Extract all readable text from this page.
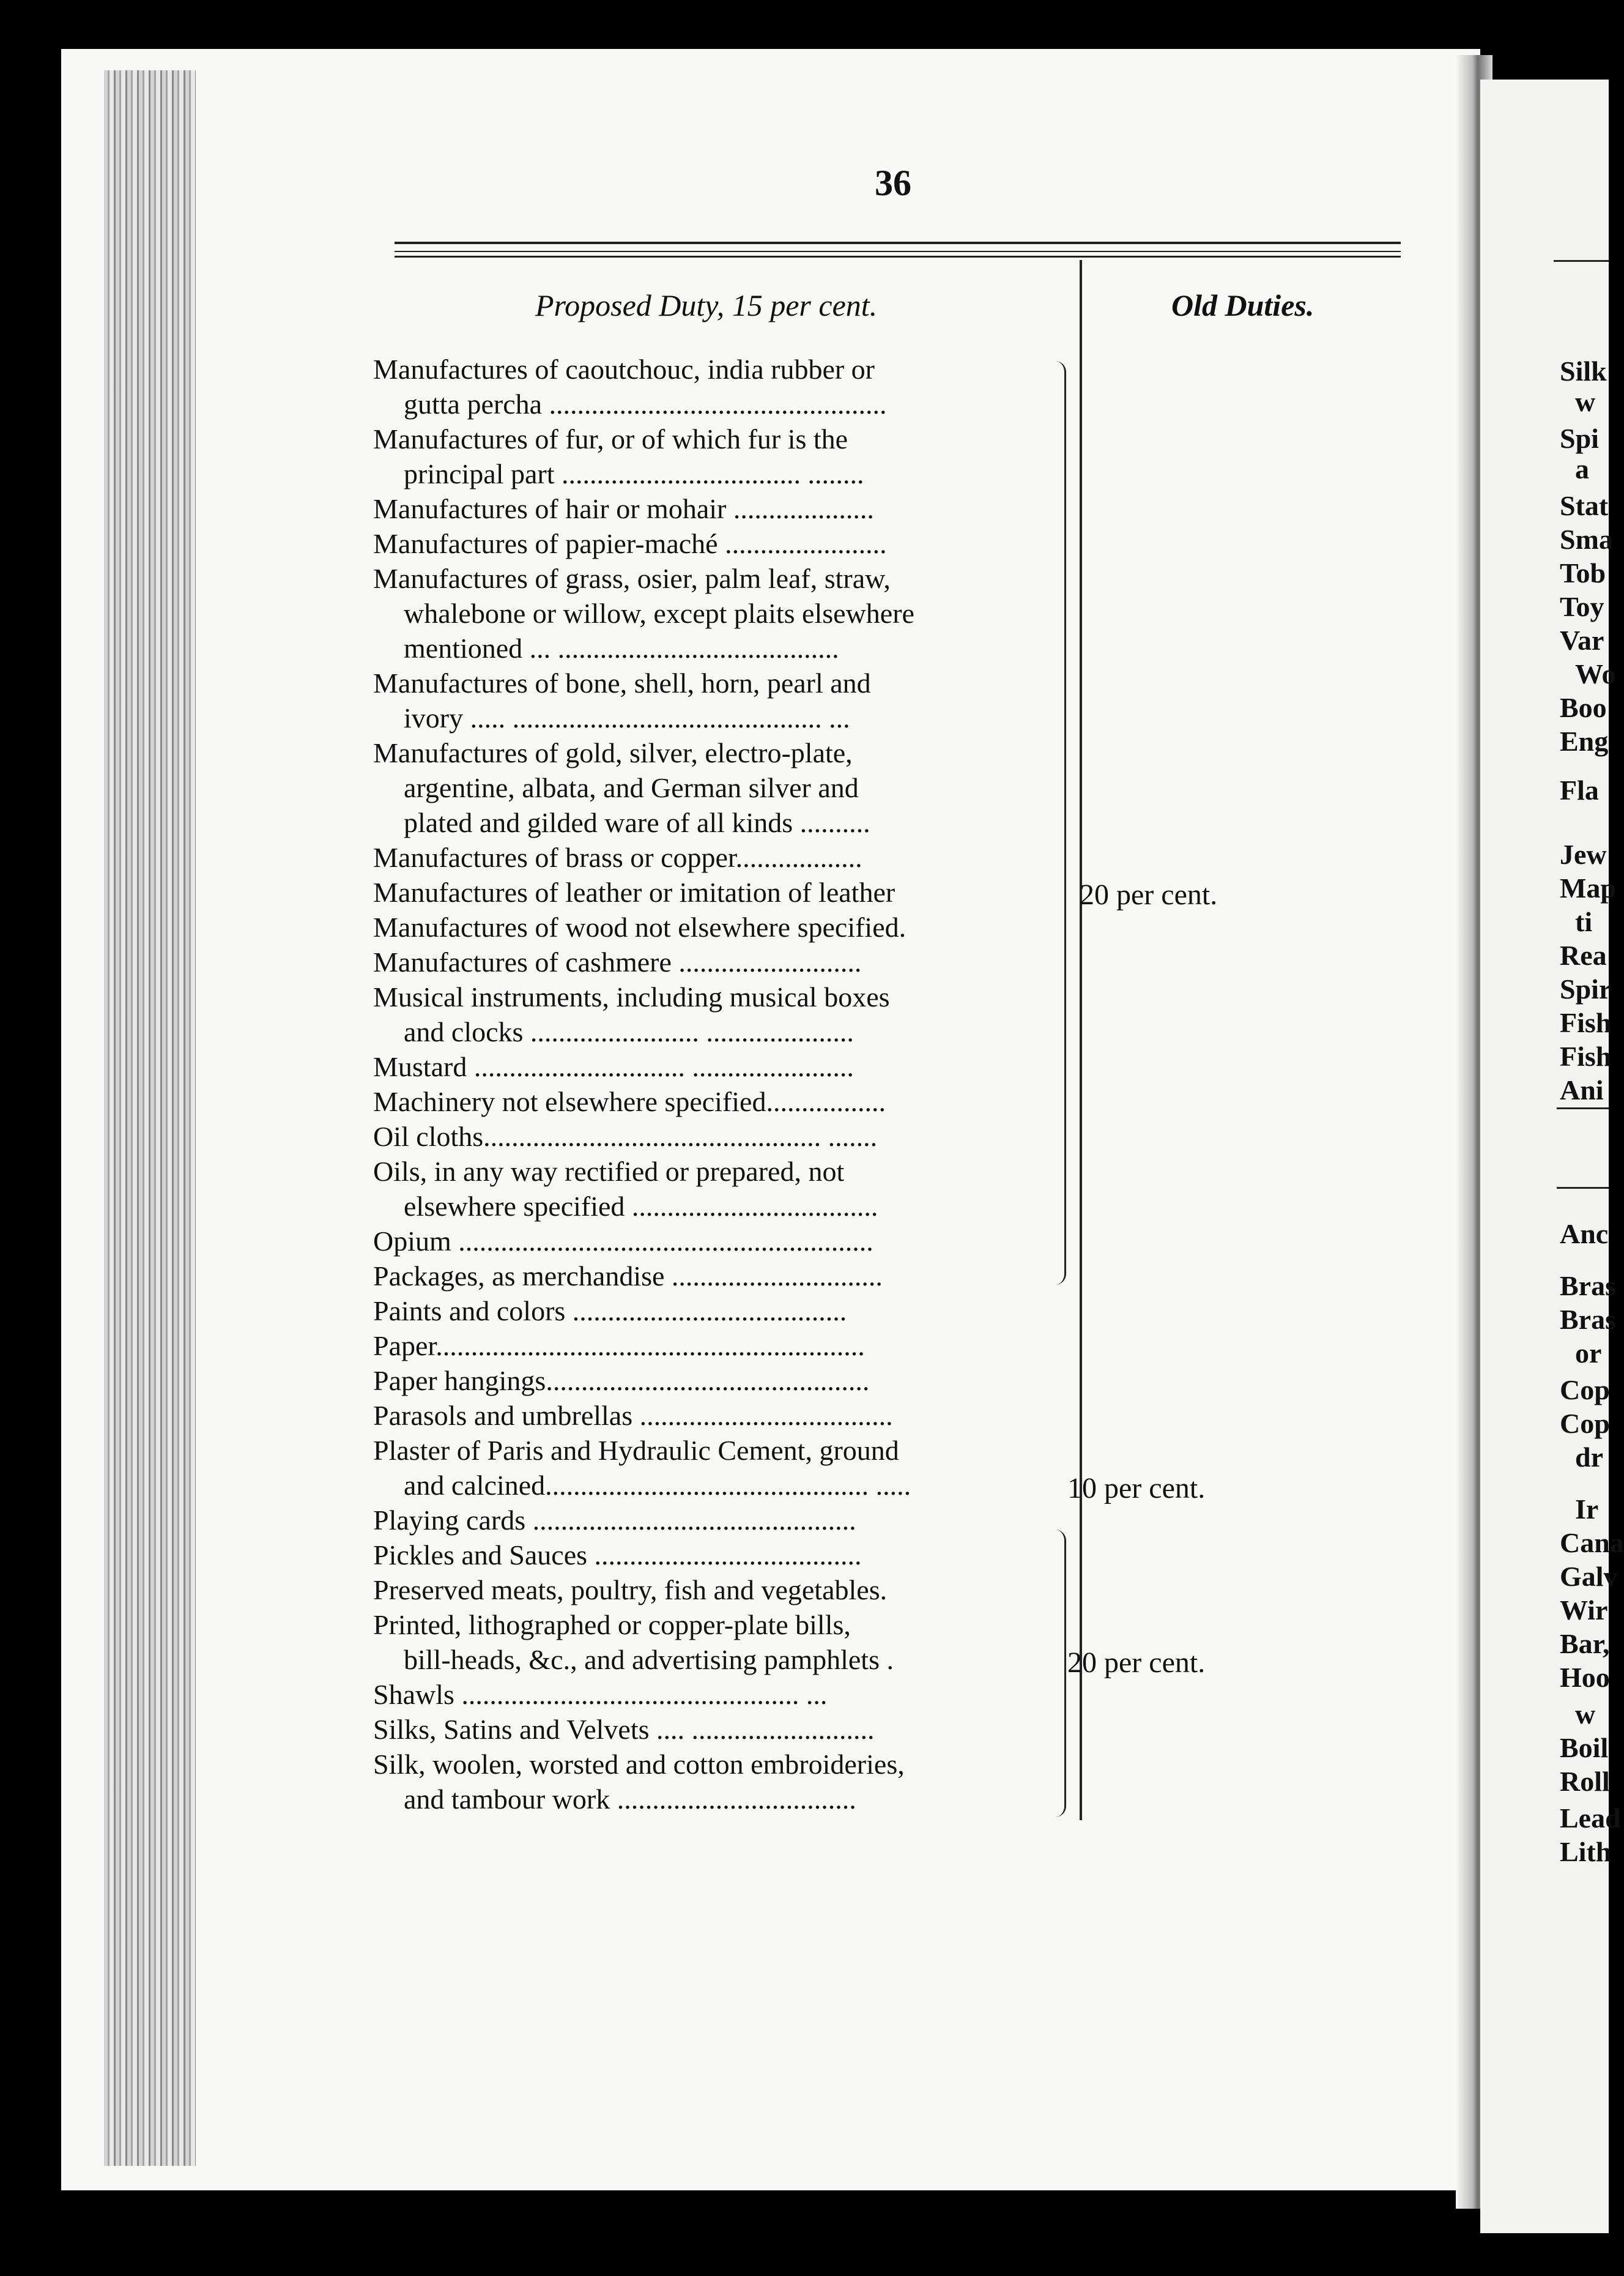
36
Proposed Duty, 15 per cent.	Old Duties.
Manufactures of caoutchouc, india rubber or
gutta percha ................................................
Manufactures of fur, or of which fur is the
principal part .................................. ........
Manufactures of hair or mohair ....................
Manufactures of papier-maché .......................
Manufactures of grass, osier, palm leaf, straw,
whalebone or willow, except plaits elsewhere
mentioned ... ........................................
Manufactures of bone, shell, horn, pearl and
ivory ..... ............................................ ...
Manufactures of gold, silver, electro-plate,
argentine, albata, and German silver and
plated and gilded ware of all kinds ..........
Manufactures of brass or copper..................
Manufactures of leather or imitation of leather
Manufactures of wood not elsewhere specified.
Manufactures of cashmere ..........................
Musical instruments, including musical boxes
and clocks ........................ .....................
Mustard .............................. .......................
Machinery not elsewhere specified.................
Oil cloths................................................ .......
Oils, in any way rectified or prepared, not
elsewhere specified ...................................
Opium ...........................................................
Packages, as merchandise ..............................
Paints and colors .......................................
Paper.............................................................
Paper hangings..............................................
Parasols and umbrellas ....................................
Plaster of Paris and Hydraulic Cement, ground
and calcined.............................................. .....
Playing cards ..............................................
Pickles and Sauces ......................................
Preserved meats, poultry, fish and vegetables.
Printed, lithographed or copper-plate bills,
bill-heads, &c., and advertising pamphlets .
Shawls ................................................ ...
Silks, Satins and Velvets .... ..........................
Silk, woolen, worsted and cotton embroideries,
and tambour work ..................................
20 per cent.
10 per cent.
20 per cent.
Silk
w
Spi
a
Stat
Sma
Tob
Toy
Var
Wo
Boo
Eng
Fla
Jew
Map
ti
Rea
Spir
Fish
Fish
Ani
Anc
Bras
Bras
or
Cop
Cop
dr
Ir
Cana
Galv
Wir
Bar,
Hoo
w
Boil
Roll
Lead
Lith
